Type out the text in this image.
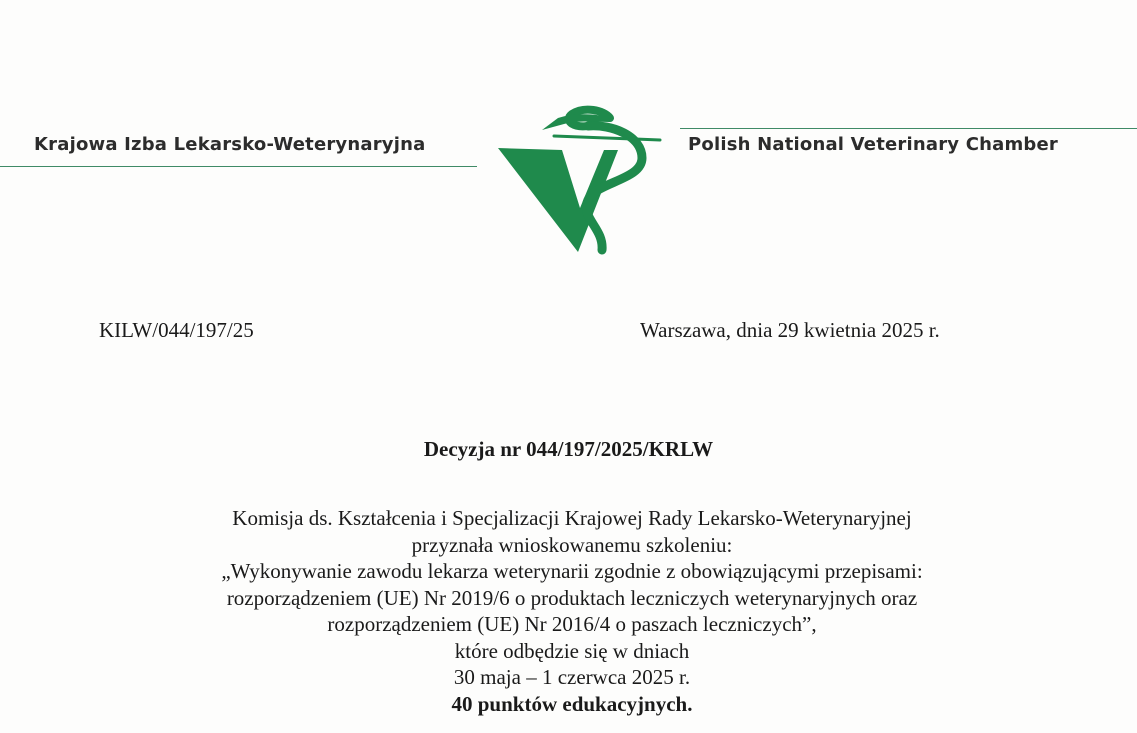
Krajowa Izba Lekarsko-Weterynaryjna	Polish National Veterinary Chamber
KILW/044/197/25	Warszawa, dnia 29 kwietnia 2025 r.
Decyzja nr 044/197/2025/KRLW
Komisja ds. Kształcenia i Specjalizacji Krajowej Rady Lekarsko-Weterynaryjnej
przyznała wnioskowanemu szkoleniu:
„Wykonywanie zawodu lekarza weterynarii zgodnie z obowiązującymi przepisami:
rozporządzeniem (UE) Nr 2019/6 o produktach leczniczych weterynaryjnych oraz
rozporządzeniem (UE) Nr 2016/4 o paszach leczniczych”,
które odbędzie się w dniach
30 maja – 1 czerwca 2025 r.
40 punktów edukacyjnych.
